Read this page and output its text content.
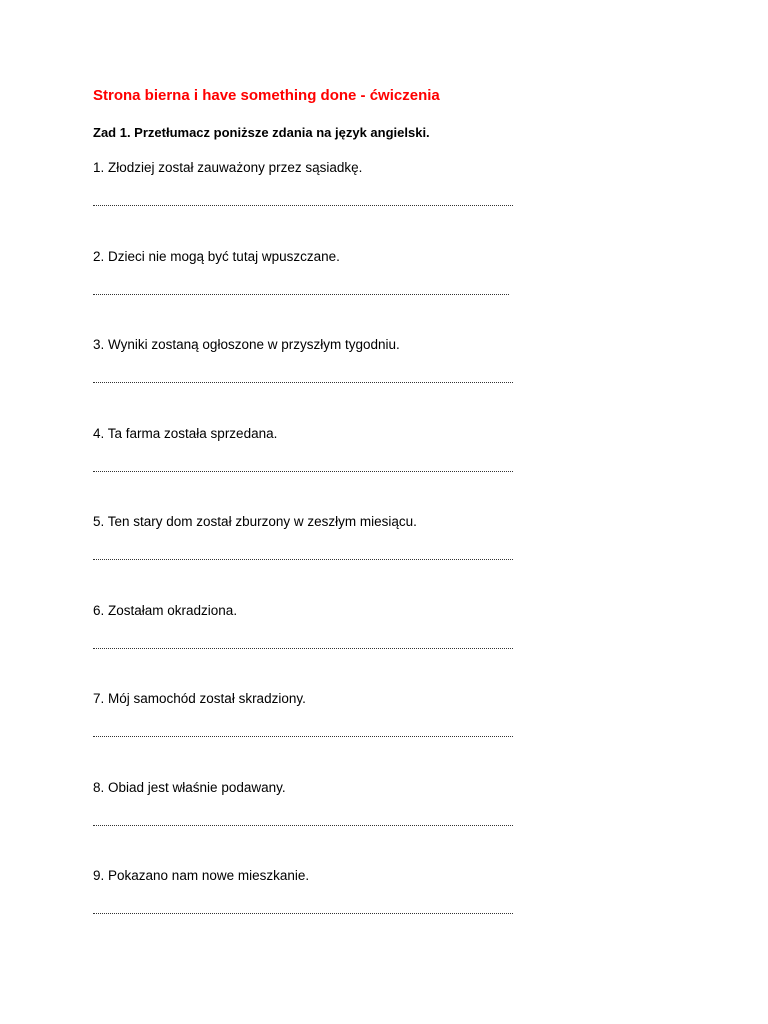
Strona bierna i have something done - ćwiczenia
Zad 1. Przetłumacz poniższe zdania na język angielski.
1. Złodziej został zauważony przez sąsiadkę.
2. Dzieci nie mogą być tutaj wpuszczane.
3. Wyniki zostaną ogłoszone w przyszłym tygodniu.
4. Ta farma została sprzedana.
5. Ten stary dom został zburzony w zeszłym miesiącu.
6. Zostałam okradziona.
7. Mój samochód został skradziony.
8. Obiad jest właśnie podawany.
9. Pokazano nam nowe mieszkanie.
